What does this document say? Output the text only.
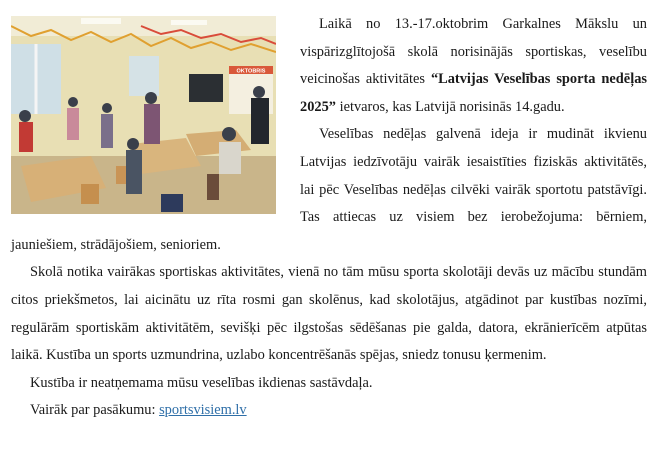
OKTOBRIS

Laikā no 13.-17.oktobrim Garkalnes Mākslu un vispārizglītojošā skolā norisinājās sportiskas, veselību veicinošas aktivitātes “Latvijas Veselības sporta nedēļas 2025” ietvaros, kas Latvijā norisinās 14.gadu.

Veselības nedēļas galvenā ideja ir mudināt ikvienu Latvijas iedzīvotāju vairāk iesaistīties fiziskās aktivitātēs, lai pēc Veselības nedēļas cilvēki vairāk sportotu patstāvīgi. Tas attiecas uz visiem bez ierobežojuma: bērniem, jauniešiem, strādājošiem, senioriem.

Skolā notika vairākas sportiskas aktivitātes, vienā no tām mūsu sporta skolotāji devās uz mācību stundām citos priekšmetos, lai aicinātu uz rīta rosmi gan skolēnus, kad skolotājus, atgādinot par kustības nozīmi, regulārām sportiskām aktivitātēm, sevišķi pēc ilgstošas sēdēšanas pie galda, datora, ekrānierīcēm atpūtas laikā. Kustība un sports uzmundrina, uzlabo koncentrēšanās spējas, sniedz tonusu ķermenim.

Kustība ir neatņemama mūsu veselības ikdienas sastāvdaļa.

Vairāk par pasākumu: sportsvisiem.lv
